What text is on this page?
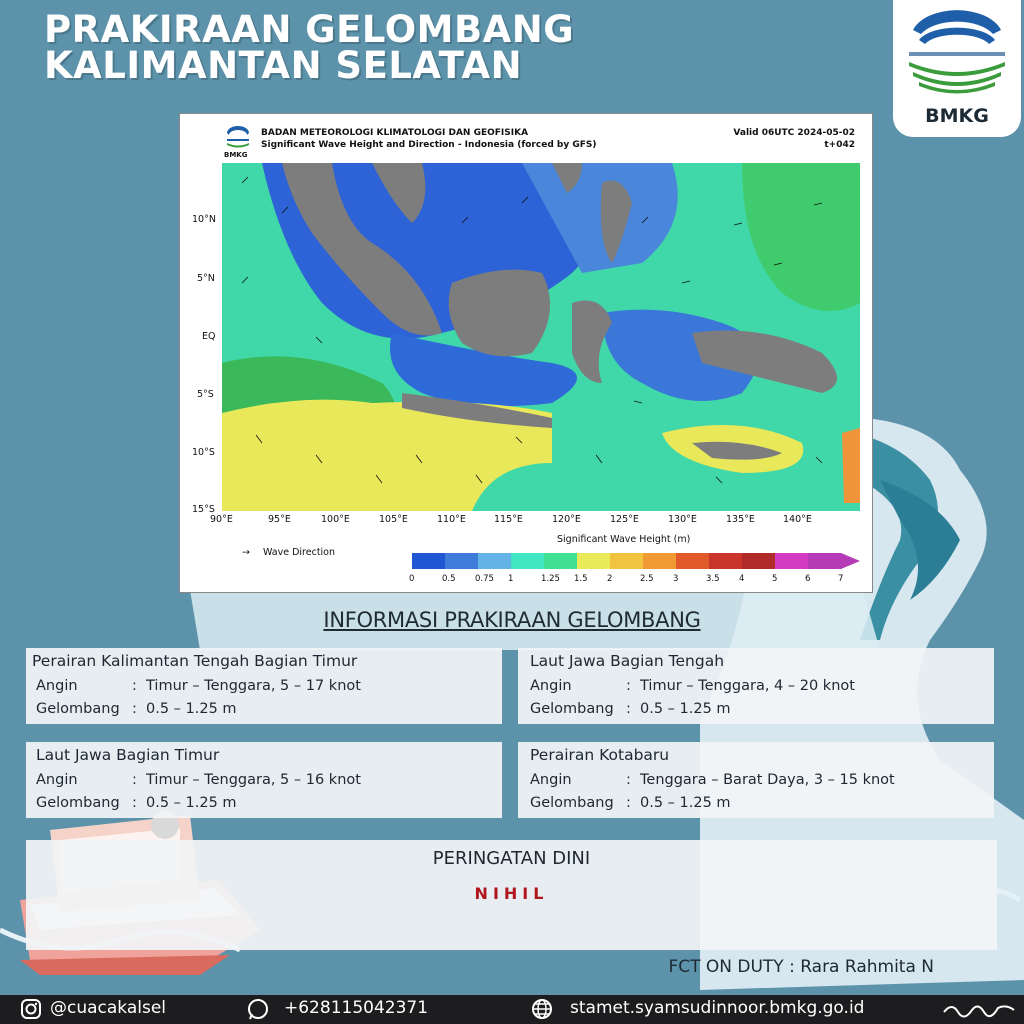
PRAKIRAAN GELOMBANG
KALIMANTAN SELATAN
BMKG
BMKG
BADAN METEOROLOGI KLIMATOLOGI DAN GEOFISIKA
Significant Wave Height and Direction - Indonesia (forced by GFS)
Valid 06UTC 2024-05-02
t+042
10°N
5°N
EQ
5°S
10°S
15°S
90°E	95°E	100°E	105°E	110°E	115°E	120°E	125°E	130°E	135°E	140°E
→ Wave Direction
Significant Wave Height (m)
0	0.5 0.75 1	1.25 1.5 2	2.5 3	3.5 4	5	6	7
INFORMASI PRAKIRAAN GELOMBANG
Perairan Kalimantan Tengah Bagian Timur
Angin	: Timur – Tenggara, 5 – 17 knot
Gelombang : 0.5 – 1.25 m
Laut Jawa Bagian Tengah
Angin	: Timur – Tenggara, 4 – 20 knot
Gelombang : 0.5 – 1.25 m
Laut Jawa Bagian Timur
Angin	: Timur – Tenggara, 5 – 16 knot
Gelombang : 0.5 – 1.25 m
Perairan Kotabaru
Angin	: Tenggara – Barat Daya, 3 – 15 knot
Gelombang : 0.5 – 1.25 m
PERINGATAN DINI
NIHIL
FCT ON DUTY : Rara Rahmita N
@cuacakalsel	+628115042371	stamet.syamsudinnoor.bmkg.go.id
